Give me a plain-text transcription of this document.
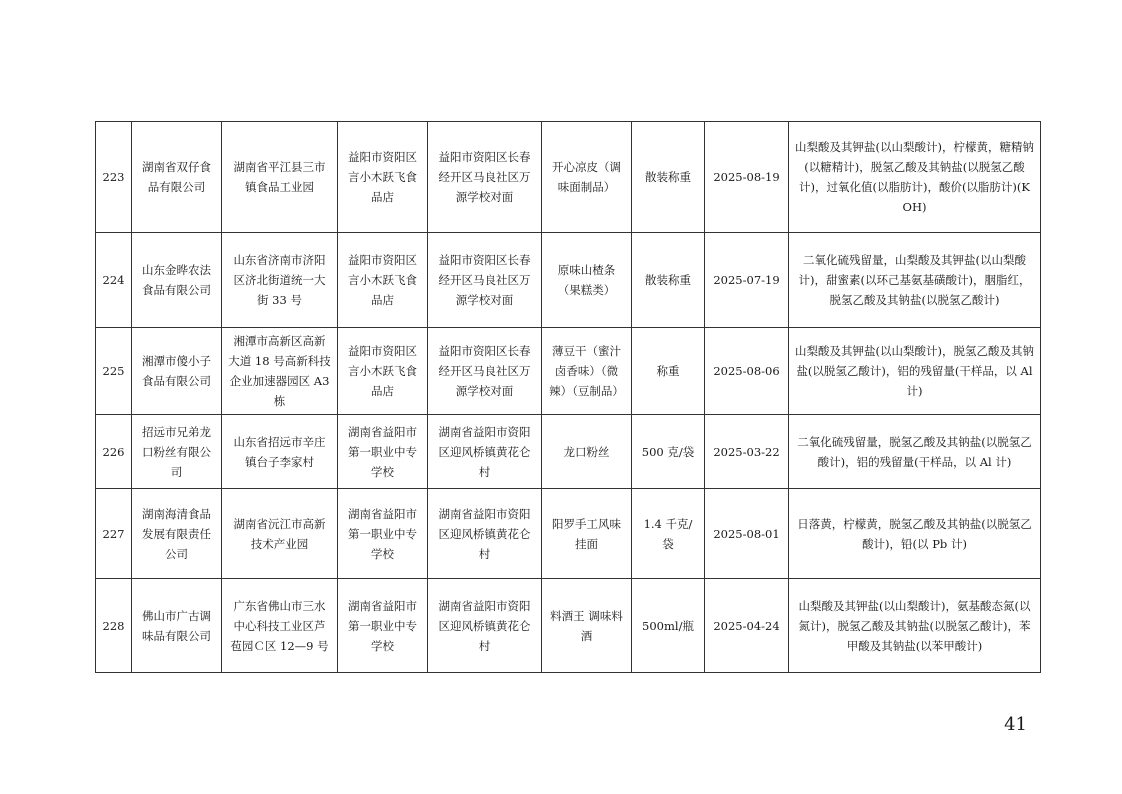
223	湖南省双仔食品有限公司	湖南省平江县三市镇食品工业园	益阳市资阳区言小木跃飞食品店	益阳市资阳区长春经开区马良社区万源学校对面	开心凉皮（调味面制品）	散装称重	2025-08-19	山梨酸及其钾盐(以山梨酸计)，柠檬黄，糖精钠(以糖精计)，脱氢乙酸及其钠盐(以脱氢乙酸计)，过氧化值(以脂肪计)，酸价(以脂肪计)(KOH)
224	山东金晔农法食品有限公司	山东省济南市济阳区济北街道统一大街 33 号	益阳市资阳区言小木跃飞食品店	益阳市资阳区长春经开区马良社区万源学校对面	原味山楂条（果糕类）	散装称重	2025-07-19	二氧化硫残留量，山梨酸及其钾盐(以山梨酸计)，甜蜜素(以环己基氨基磺酸计)，胭脂红，脱氢乙酸及其钠盐(以脱氢乙酸计)
225	湘潭市傻小子食品有限公司	湘潭市高新区高新大道 18 号高新科技企业加速器园区 A3 栋	益阳市资阳区言小木跃飞食品店	益阳市资阳区长春经开区马良社区万源学校对面	薄豆干（蜜汁卤香味）（微辣）（豆制品）	称重	2025-08-06	山梨酸及其钾盐(以山梨酸计)，脱氢乙酸及其钠盐(以脱氢乙酸计)，铝的残留量(干样品，以 Al 计)
226	招远市兄弟龙口粉丝有限公司	山东省招远市辛庄镇台子李家村	湖南省益阳市第一职业中专学校	湖南省益阳市资阳区迎风桥镇黄花仑村	龙口粉丝	500 克/袋	2025-03-22	二氧化硫残留量，脱氢乙酸及其钠盐(以脱氢乙酸计)，铝的残留量(干样品，以 Al 计)
227	湖南海清食品发展有限责任公司	湖南省沅江市高新技术产业园	湖南省益阳市第一职业中专学校	湖南省益阳市资阳区迎风桥镇黄花仑村	阳罗手工风味挂面	1.4 千克/袋	2025-08-01	日落黄，柠檬黄，脱氢乙酸及其钠盐(以脱氢乙酸计)，铅(以 Pb 计)
228	佛山市广古调味品有限公司	广东省佛山市三水中心科技工业区芦苞园Ｃ区 12—9 号	湖南省益阳市第一职业中专学校	湖南省益阳市资阳区迎风桥镇黄花仑村	料酒王 调味料酒	500ml/瓶	2025-04-24	山梨酸及其钾盐(以山梨酸计)，氨基酸态氮(以氮计)，脱氢乙酸及其钠盐(以脱氢乙酸计)，苯甲酸及其钠盐(以苯甲酸计)
41
